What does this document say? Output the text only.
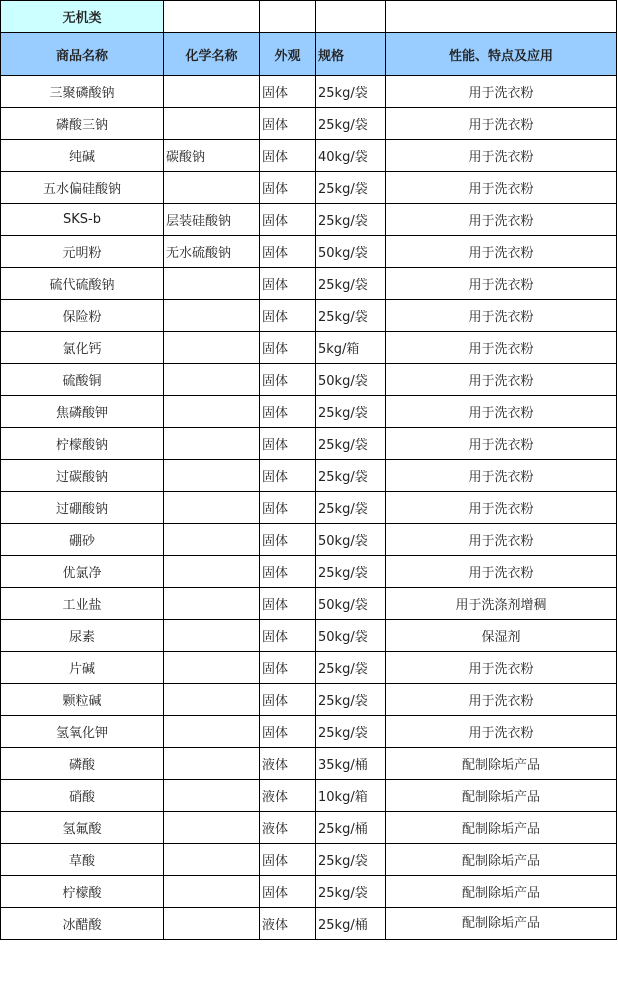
无机类				
商品名称	化学名称	外观	规格	性能、特点及应用
三聚磷酸钠		固体	25kg/袋	用于洗衣粉
磷酸三钠		固体	25kg/袋	用于洗衣粉
纯碱	碳酸钠	固体	40kg/袋	用于洗衣粉
五水偏硅酸钠		固体	25kg/袋	用于洗衣粉
SKS-b	层装硅酸钠	固体	25kg/袋	用于洗衣粉
元明粉	无水硫酸钠	固体	50kg/袋	用于洗衣粉
硫代硫酸钠		固体	25kg/袋	用于洗衣粉
保险粉		固体	25kg/袋	用于洗衣粉
氯化钙		固体	5kg/箱	用于洗衣粉
硫酸铜		固体	50kg/袋	用于洗衣粉
焦磷酸钾		固体	25kg/袋	用于洗衣粉
柠檬酸钠		固体	25kg/袋	用于洗衣粉
过碳酸钠		固体	25kg/袋	用于洗衣粉
过硼酸钠		固体	25kg/袋	用于洗衣粉
硼砂		固体	50kg/袋	用于洗衣粉
优氯净		固体	25kg/袋	用于洗衣粉
工业盐		固体	50kg/袋	用于洗涤剂增稠
尿素		固体	50kg/袋	保湿剂
片碱		固体	25kg/袋	用于洗衣粉
颗粒碱		固体	25kg/袋	用于洗衣粉
氢氧化钾		固体	25kg/袋	用于洗衣粉
磷酸		液体	35kg/桶	配制除垢产品
硝酸		液体	10kg/箱	配制除垢产品
氢氟酸		液体	25kg/桶	配制除垢产品
草酸		固体	25kg/袋	配制除垢产品
柠檬酸		固体	25kg/袋	配制除垢产品
冰醋酸		液体	25kg/桶	配制除垢产品
